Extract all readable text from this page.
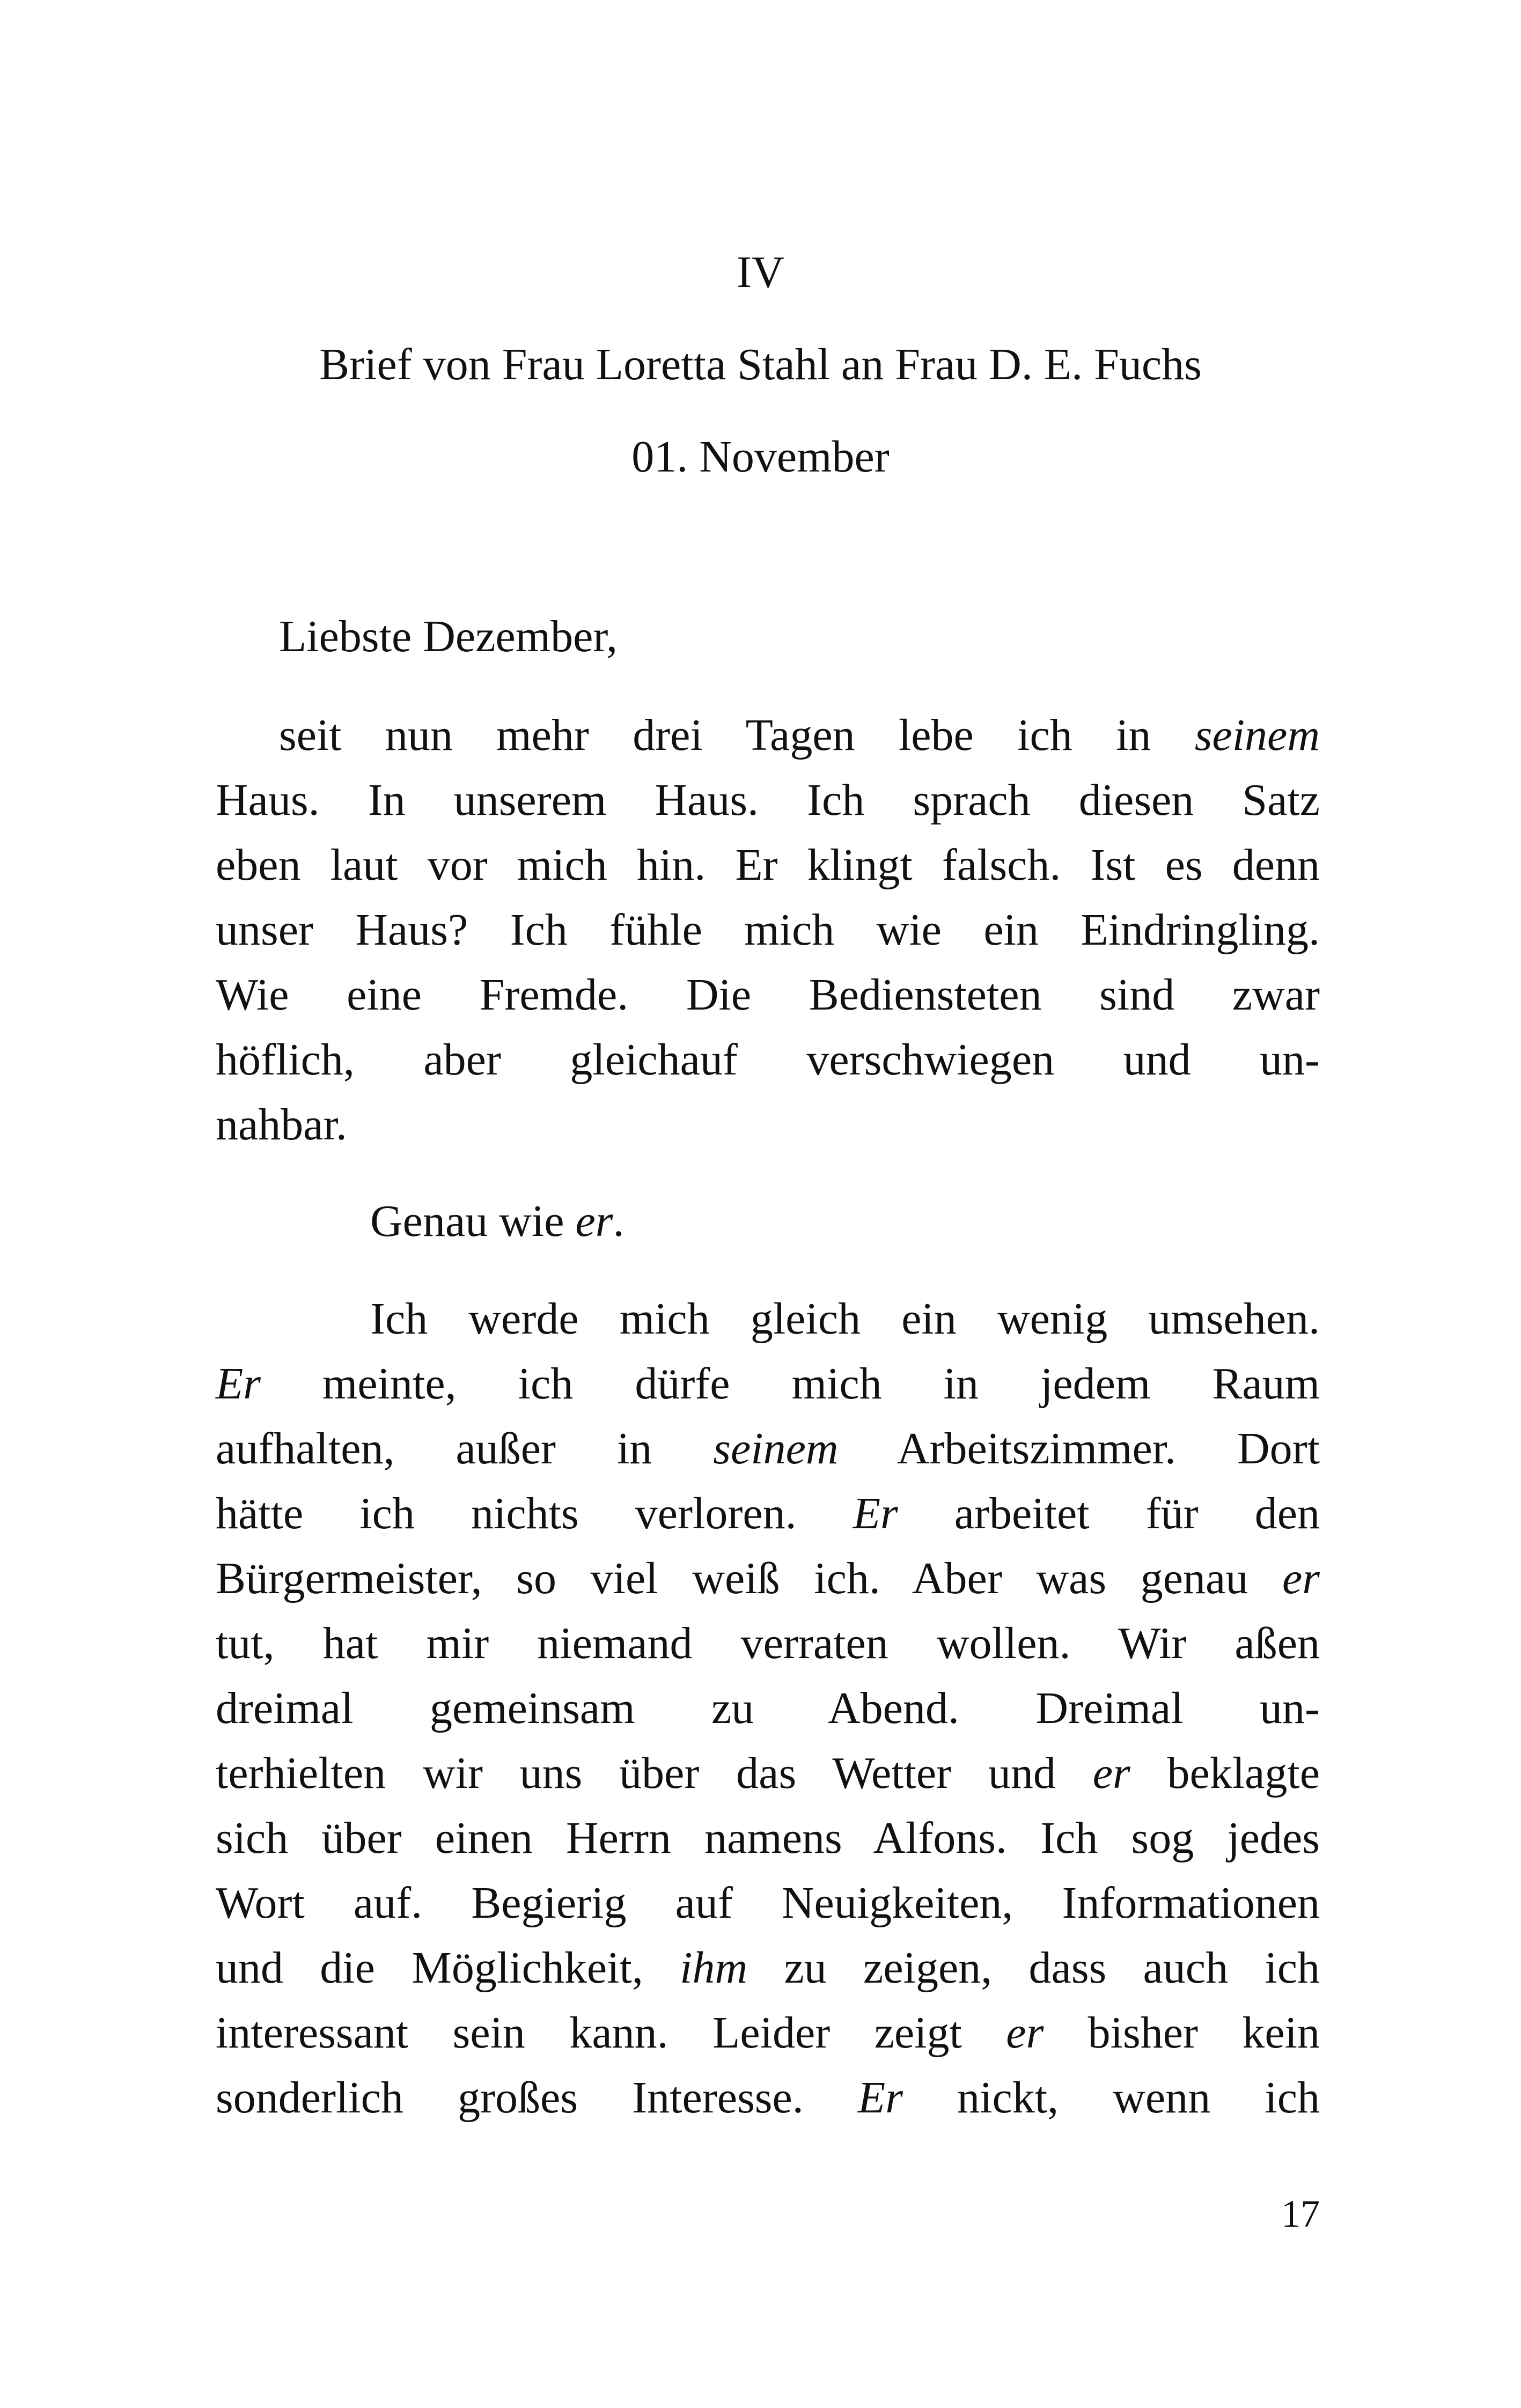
IV
Brief von Frau Loretta Stahl an Frau D. E. Fuchs
01. November
Liebste Dezember,
seit nun mehr drei Tagen lebe ich in seinem
Haus. In unserem Haus. Ich sprach diesen Satz
eben laut vor mich hin. Er klingt falsch. Ist es denn
unser Haus? Ich fühle mich wie ein Eindringling.
Wie eine Fremde. Die Bediensteten sind zwar
höflich, aber gleichauf verschwiegen und un-
nahbar.
Genau wie er.
Ich werde mich gleich ein wenig umsehen.
Er meinte, ich dürfe mich in jedem Raum
aufhalten, außer in seinem Arbeitszimmer. Dort
hätte ich nichts verloren. Er arbeitet für den
Bürgermeister, so viel weiß ich. Aber was genau er
tut, hat mir niemand verraten wollen. Wir aßen
dreimal gemeinsam zu Abend. Dreimal un-
terhielten wir uns über das Wetter und er beklagte
sich über einen Herrn namens Alfons. Ich sog jedes
Wort auf. Begierig auf Neuigkeiten, Informationen
und die Möglichkeit, ihm zu zeigen, dass auch ich
interessant sein kann. Leider zeigt er bisher kein
sonderlich großes Interesse. Er nickt, wenn ich
17
